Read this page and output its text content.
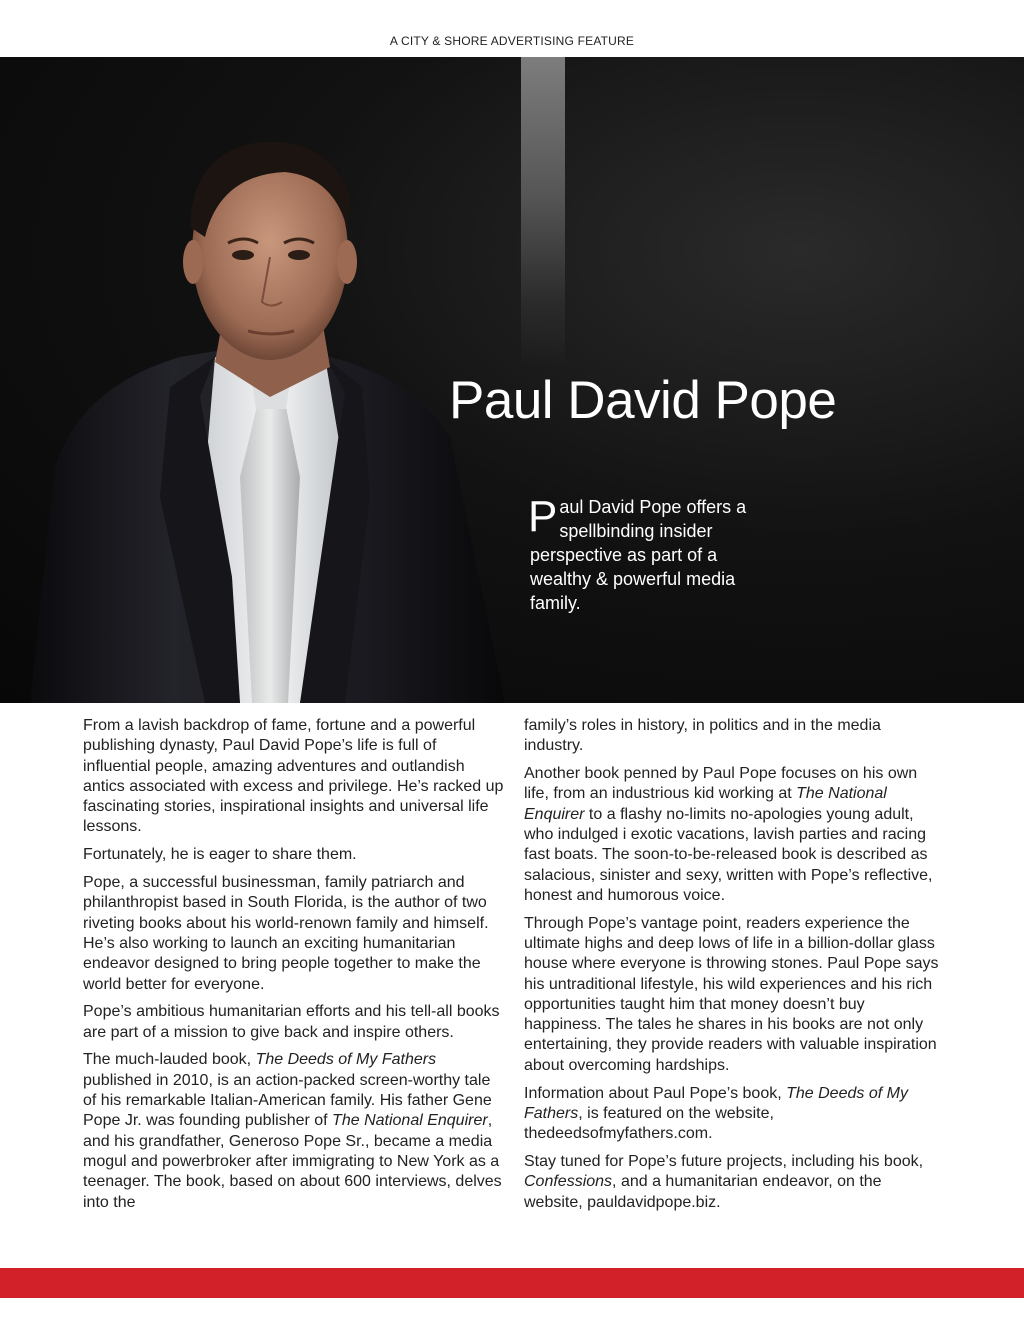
A CITY & SHORE ADVERTISING FEATURE
Paul David Pope
Paul David Pope offers a spellbinding insider perspective as part of a wealthy & powerful media family.

From a lavish backdrop of fame, fortune and a powerful publishing dynasty, Paul David Pope’s life is full of influential people, amazing adventures and outlandish antics associated with excess and privilege. He’s racked up fascinating stories, inspirational insights and universal life lessons.

Fortunately, he is eager to share them.

Pope, a successful businessman, family patriarch and philanthropist based in South Florida, is the author of two riveting books about his world-renown family and himself. He’s also working to launch an exciting humanitarian endeavor designed to bring people together to make the world better for everyone.

Pope’s ambitious humanitarian efforts and his tell-all books are part of a mission to give back and inspire others.

The much-lauded book, The Deeds of My Fathers published in 2010, is an action-packed screen-worthy tale of his remarkable Italian-American family. His father Gene Pope Jr. was founding publisher of The National Enquirer, and his grandfather, Generoso Pope Sr., became a media mogul and powerbroker after immigrating to New York as a teenager. The book, based on about 600 interviews, delves into the

family’s roles in history, in politics and in the media industry.

Another book penned by Paul Pope focuses on his own life, from an industrious kid working at The National Enquirer to a flashy no-limits no-apologies young adult, who indulged i exotic vacations, lavish parties and racing fast boats. The soon-to-be-released book is described as salacious, sinister and sexy, written with Pope’s reflective, honest and humorous voice.

Through Pope’s vantage point, readers experience the ultimate highs and deep lows of life in a billion-dollar glass house where everyone is throwing stones. Paul Pope says his untraditional lifestyle, his wild experiences and his rich opportunities taught him that money doesn’t buy happiness. The tales he shares in his books are not only entertaining, they provide readers with valuable inspiration about overcoming hardships.

Information about Paul Pope’s book, The Deeds of My Fathers, is featured on the website, thedeedsofmyfathers.com.

Stay tuned for Pope’s future projects, including his book, Confessions, and a humanitarian endeavor, on the website, pauldavidpope.biz.
